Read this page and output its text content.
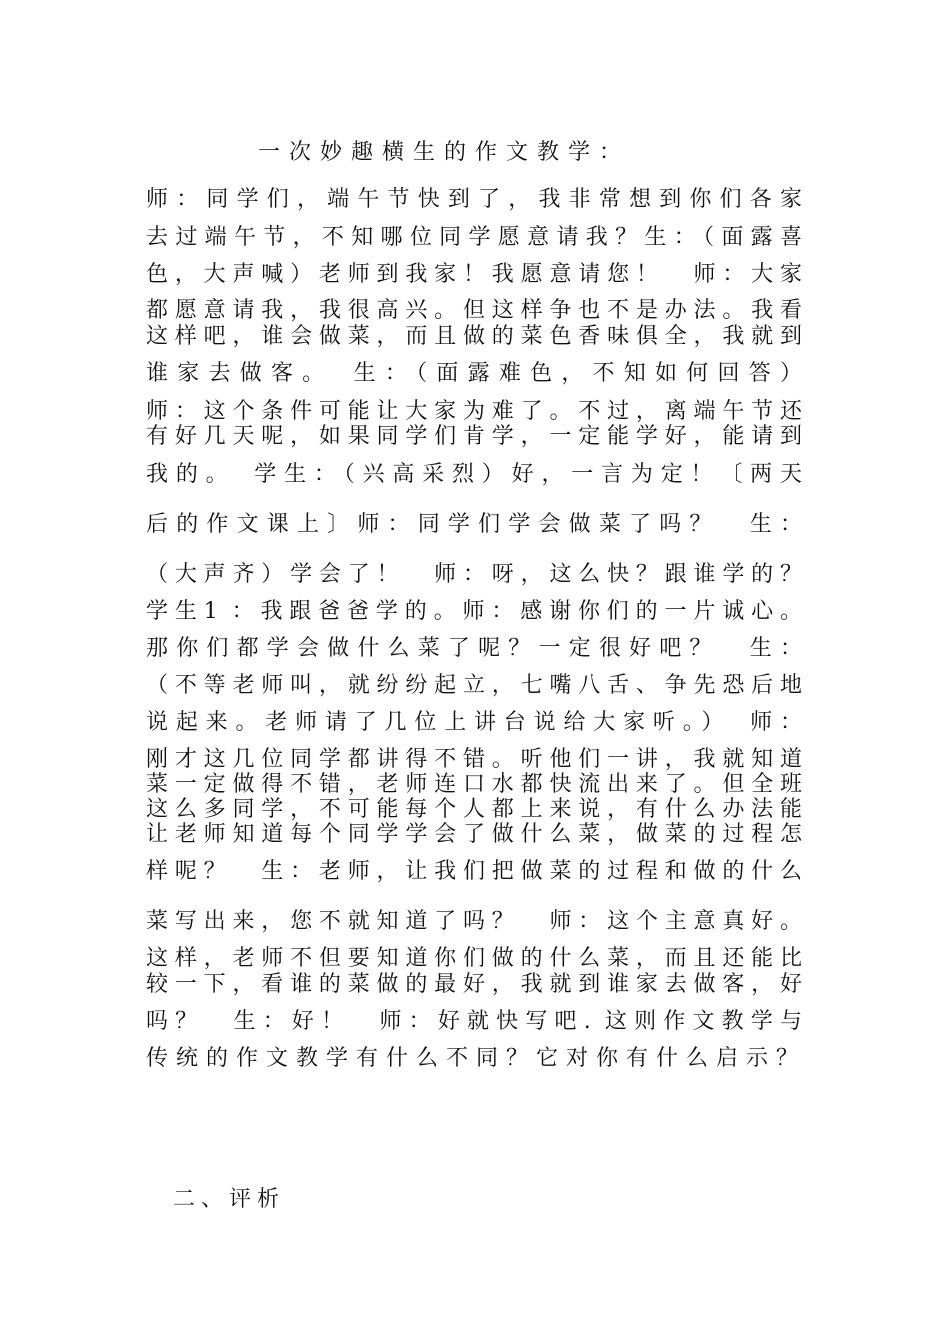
一次妙趣横生的作文教学：
师：同学们，端午节快到了，我非常想到你们各家
去过端午节，不知哪位同学愿意请我？生：（面露喜
色，大声喊）老师到我家！我愿意请您！　师：大家
都愿意请我，我很高兴。但这样争也不是办法。我看
这样吧，谁会做菜，而且做的菜色香味俱全，我就到
谁家去做客。　生：（面露难色，不知如何回答）
师：这个条件可能让大家为难了。不过，离端午节还
有好几天呢，如果同学们肯学，一定能学好，能请到
我的。　学生：（兴高采烈）好，一言为定！〔两天
后的作文课上〕师：同学们学会做菜了吗？　生：
（大声齐）学会了！　师：呀，这么快？跟谁学的？
学生1 ：我跟爸爸学的。师：感谢你们的一片诚心。
那你们都学会做什么菜了呢？一定很好吧？　生：
（不等老师叫，就纷纷起立，七嘴八舌、争先恐后地
说起来。老师请了几位上讲台说给大家听。）　师：
刚才这几位同学都讲得不错。听他们一讲，我就知道
菜一定做得不错，老师连口水都快流出来了。但全班
这么多同学，不可能每个人都上来说，有什么办法能
让老师知道每个同学学会了做什么菜，做菜的过程怎
样呢？　生：老师，让我们把做菜的过程和做的什么
菜写出来，您不就知道了吗？　师：这个主意真好。
这样，老师不但要知道你们做的什么菜，而且还能比
较一下，看谁的菜做的最好，我就到谁家去做客，好
吗？　生：好！　师：好就快写吧. 这则作文教学与
传统的作文教学有什么不同？它对你有什么启示？
二、评析
